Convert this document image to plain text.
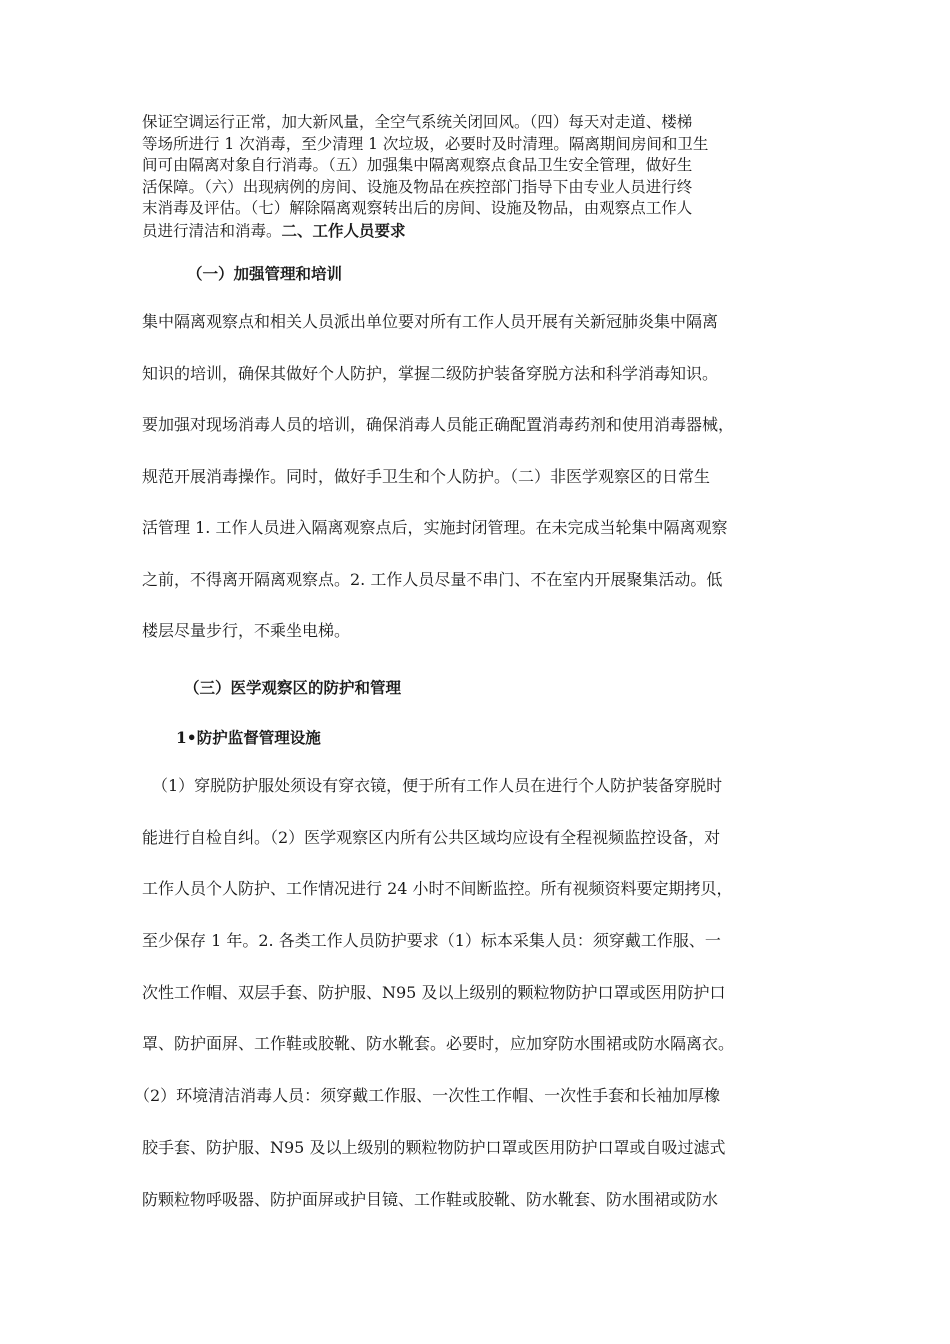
保证空调运行正常，加大新风量，全空气系统关闭回风。（四）每天对走道、楼梯
等场所进行 1 次消毒，至少清理 1 次垃圾，必要时及时清理。隔离期间房间和卫生
间可由隔离对象自行消毒。（五）加强集中隔离观察点食品卫生安全管理，做好生
活保障。（六）出现病例的房间、设施及物品在疾控部门指导下由专业人员进行终
末消毒及评估。（七）解除隔离观察转出后的房间、设施及物品，由观察点工作人
员进行清洁和消毒。二、工作人员要求
（一）加强管理和培训
集中隔离观察点和相关人员派出单位要对所有工作人员开展有关新冠肺炎集中隔离
知识的培训，确保其做好个人防护，掌握二级防护装备穿脱方法和科学消毒知识。
要加强对现场消毒人员的培训，确保消毒人员能正确配置消毒药剂和使用消毒器械，
规范开展消毒操作。同时，做好手卫生和个人防护。（二）非医学观察区的日常生
活管理 1. 工作人员进入隔离观察点后，实施封闭管理。在未完成当轮集中隔离观察
之前，不得离开隔离观察点。2. 工作人员尽量不串门、不在室内开展聚集活动。低
楼层尽量步行，不乘坐电梯。
（三）医学观察区的防护和管理
1•防护监督管理设施
（1）穿脱防护服处须设有穿衣镜，便于所有工作人员在进行个人防护装备穿脱时
能进行自检自纠。（2）医学观察区内所有公共区域均应设有全程视频监控设备，对
工作人员个人防护、工作情况进行 24 小时不间断监控。所有视频资料要定期拷贝，
至少保存 1 年。2. 各类工作人员防护要求（1）标本采集人员：须穿戴工作服、一
次性工作帽、双层手套、防护服、N95 及以上级别的颗粒物防护口罩或医用防护口
罩、防护面屏、工作鞋或胶靴、防水靴套。必要时，应加穿防水围裙或防水隔离衣。
（2）环境清洁消毒人员：须穿戴工作服、一次性工作帽、一次性手套和长袖加厚橡
胶手套、防护服、N95 及以上级别的颗粒物防护口罩或医用防护口罩或自吸过滤式
防颗粒物呼吸器、防护面屏或护目镜、工作鞋或胶靴、防水靴套、防水围裙或防水
